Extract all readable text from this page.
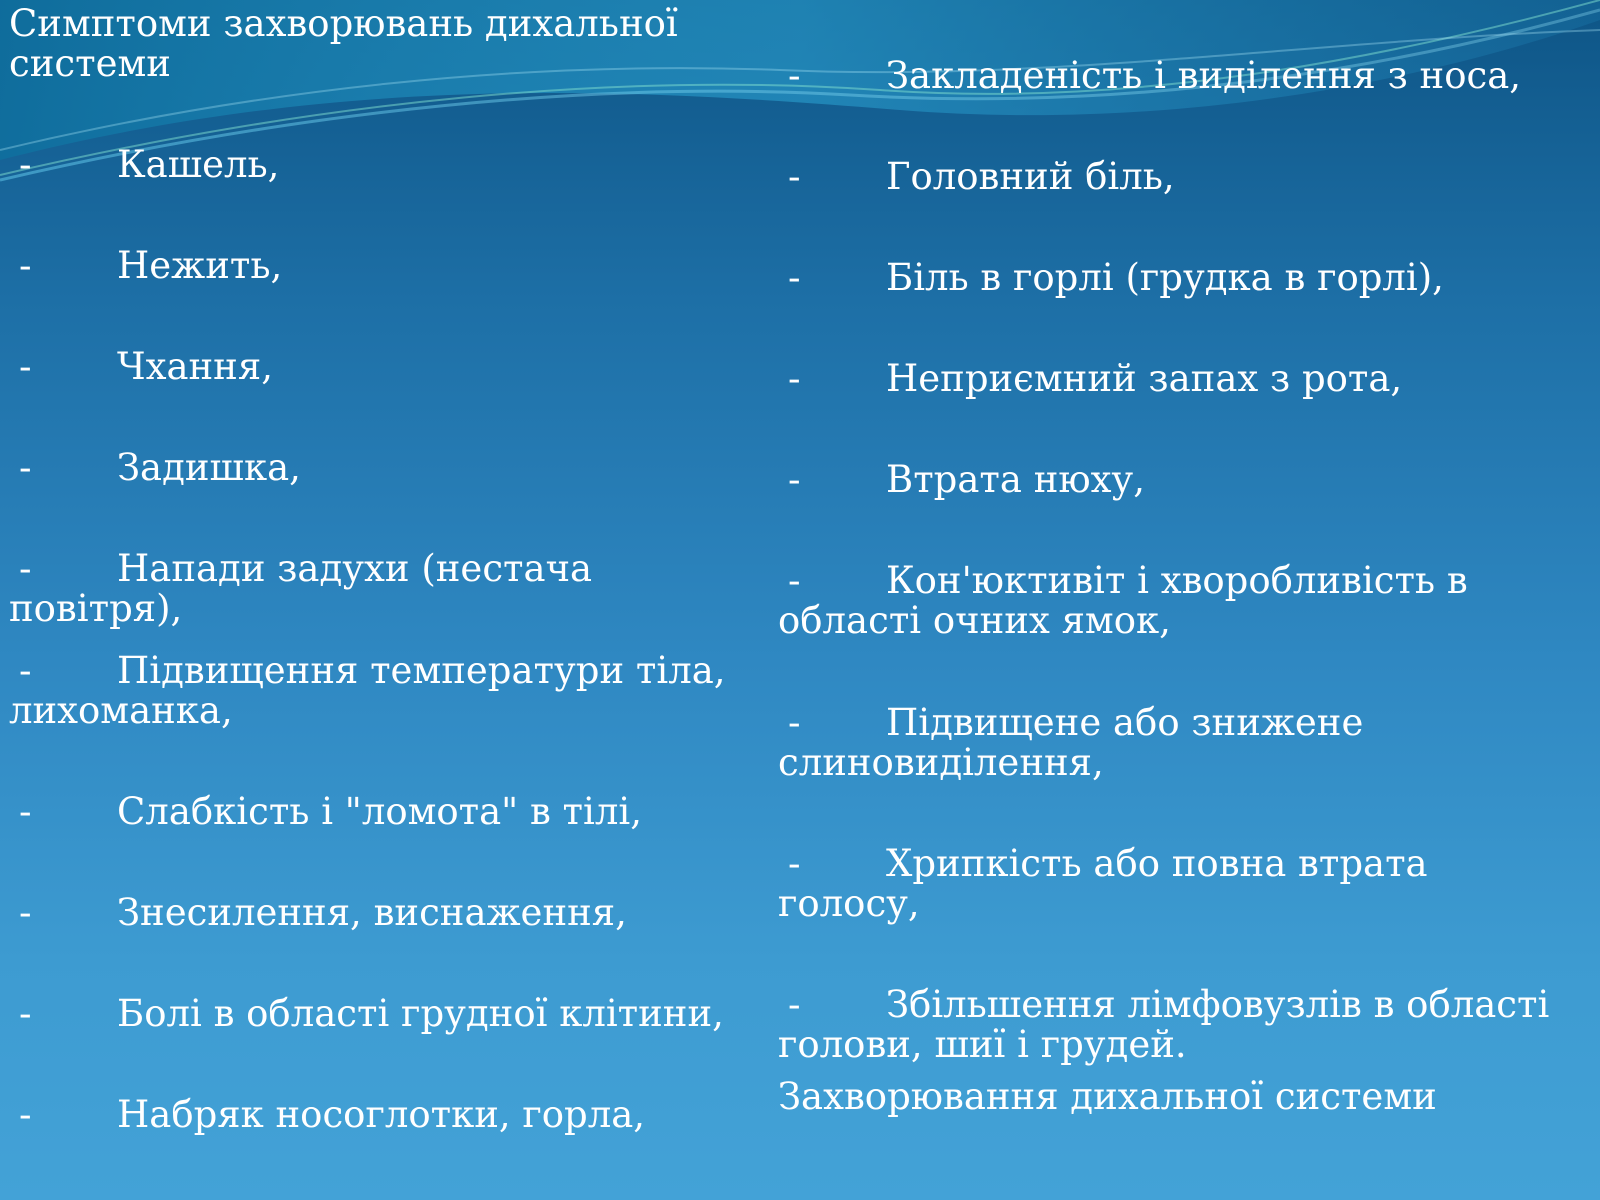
Симптоми захворювань дихальної системи
- Кашель,
- Нежить,
- Чхання,
- Задишка,
- Напади задухи (нестача повітря),
- Підвищення температури тіла, лихоманка,
- Слабкість і "ломота" в тілі,
- Знесилення, виснаження,
- Болі в області грудної клітини,
- Набряк носоглотки, горла,
- Закладеність і виділення з носа,
- Головний біль,
- Біль в горлі (грудка в горлі),
- Неприємний запах з рота,
- Втрата нюху,
- Кон'юктивіт і хворобливість в області очних ямок,
- Підвищене або знижене слиновиділення,
- Хрипкість або повна втрата голосу,
- Збільшення лімфовузлів в області голови, шиї і грудей.
Захворювання дихальної системи
